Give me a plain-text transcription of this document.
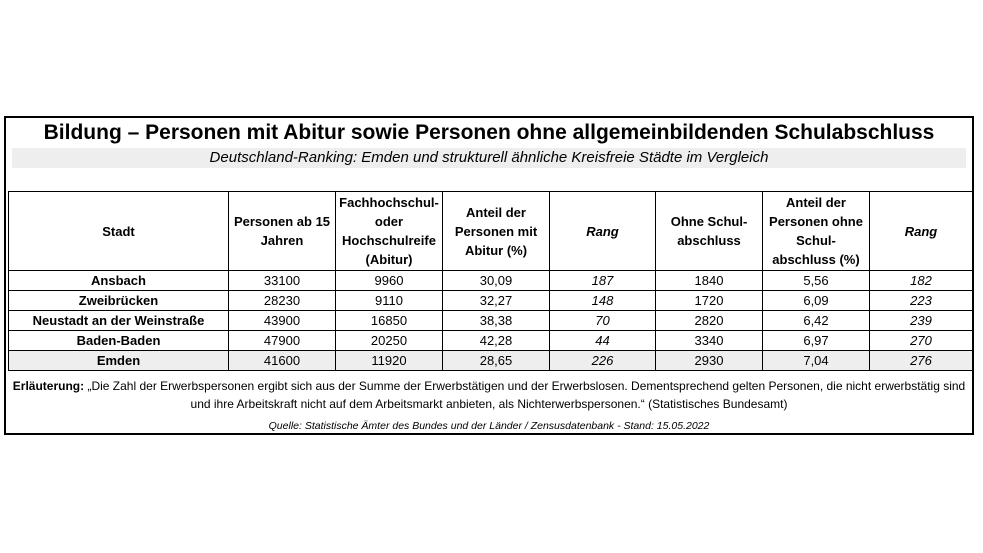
Bildung – Personen mit Abitur sowie Personen ohne allgemeinbildenden Schulabschluss
Deutschland-Ranking: Emden und strukturell ähnliche Kreisfreie Städte im Vergleich
Stadt	Personen ab 15 Jahren	Fachhochschul- oder Hochschulreife (Abitur)	Anteil der Personen mit Abitur (%)	Rang	Ohne Schul-abschluss	Anteil der Personen ohne Schul-abschluss (%)	Rang
Ansbach	33100	9960	30,09	187	1840	5,56	182
Zweibrücken	28230	9110	32,27	148	1720	6,09	223
Neustadt an der Weinstraße	43900	16850	38,38	70	2820	6,42	239
Baden-Baden	47900	20250	42,28	44	3340	6,97	270
Emden	41600	11920	28,65	226	2930	7,04	276
Erläuterung: „Die Zahl der Erwerbspersonen ergibt sich aus der Summe der Erwerbstätigen und der Erwerbslosen. Dementsprechend gelten Personen, die nicht erwerbstätig sind und ihre Arbeitskraft nicht auf dem Arbeitsmarkt anbieten, als Nichterwerbspersonen.“ (Statistisches Bundesamt)
Quelle: Statistische Ämter des Bundes und der Länder / Zensusdatenbank - Stand: 15.05.2022
